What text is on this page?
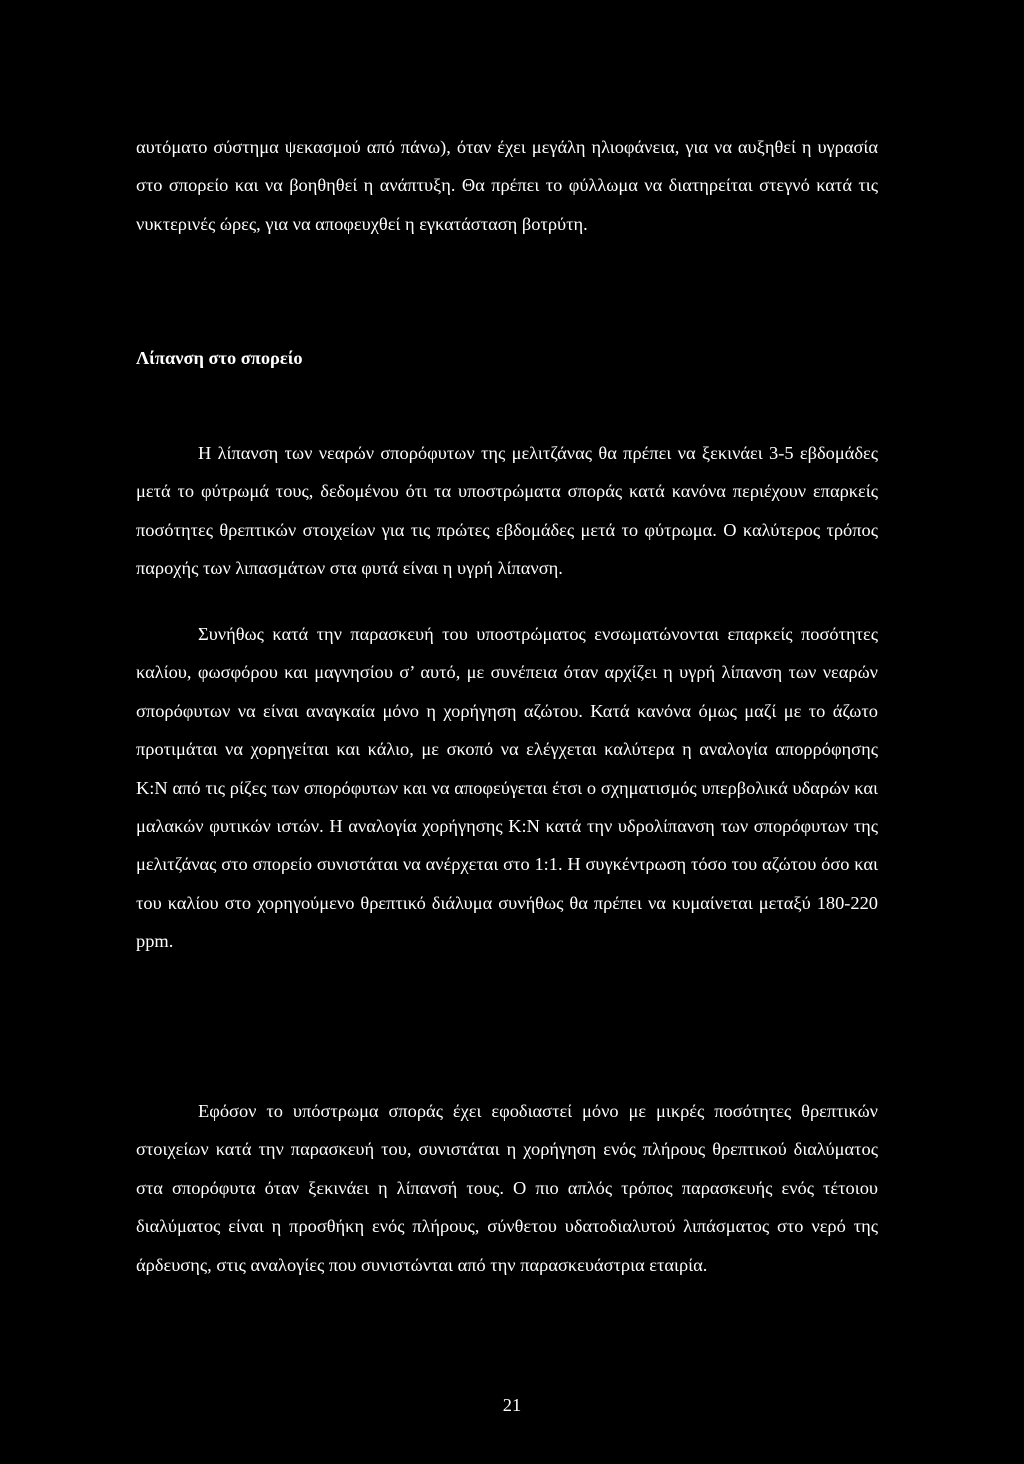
αυτόματο σύστημα ψεκασμού από πάνω), όταν έχει μεγάλη ηλιοφάνεια, για να αυξηθεί η υγρασία στο σπορείο και να βοηθηθεί η ανάπτυξη. Θα πρέπει το φύλλωμα να διατηρείται στεγνό κατά τις νυκτερινές ώρες, για να αποφευχθεί η εγκατάσταση βοτρύτη.

Λίπανση στο σπορείο

Η λίπανση των νεαρών σπορόφυτων της μελιτζάνας θα πρέπει να ξεκινάει 3-5 εβδομάδες μετά το φύτρωμά τους, δεδομένου ότι τα υποστρώματα σποράς κατά κανόνα περιέχουν επαρκείς ποσότητες θρεπτικών στοιχείων για τις πρώτες εβδομάδες μετά το φύτρωμα. Ο καλύτερος τρόπος παροχής των λιπασμάτων στα φυτά είναι η υγρή λίπανση.

Συνήθως κατά την παρασκευή του υποστρώματος ενσωματώνονται επαρκείς ποσότητες καλίου, φωσφόρου και μαγνησίου σ’ αυτό, με συνέπεια όταν αρχίζει η υγρή λίπανση των νεαρών σπορόφυτων να είναι αναγκαία μόνο η χορήγηση αζώτου. Κατά κανόνα όμως μαζί με το άζωτο προτιμάται να χορηγείται και κάλιο, με σκοπό να ελέγχεται καλύτερα η αναλογία απορρόφησης Κ:Ν από τις ρίζες των σπορόφυτων και να αποφεύγεται έτσι ο σχηματισμός υπερβολικά υδαρών και μαλακών φυτικών ιστών. Η αναλογία χορήγησης Κ:Ν κατά την υδρολίπανση των σπορόφυτων της μελιτζάνας στο σπορείο συνιστάται να ανέρχεται στο 1:1. Η συγκέντρωση τόσο του αζώτου όσο και του καλίου στο χορηγούμενο θρεπτικό διάλυμα συνήθως θα πρέπει να κυμαίνεται μεταξύ 180-220 ppm.

Εφόσον το υπόστρωμα σποράς έχει εφοδιαστεί μόνο με μικρές ποσότητες θρεπτικών στοιχείων κατά την παρασκευή του, συνιστάται η χορήγηση ενός πλήρους θρεπτικού διαλύματος στα σπορόφυτα όταν ξεκινάει η λίπανσή τους. Ο πιο απλός τρόπος παρασκευής ενός τέτοιου διαλύματος είναι η προσθήκη ενός πλήρους, σύνθετου υδατοδιαλυτού λιπάσματος στο νερό της άρδευσης, στις αναλογίες που συνιστώνται από την παρασκευάστρια εταιρία.

21
